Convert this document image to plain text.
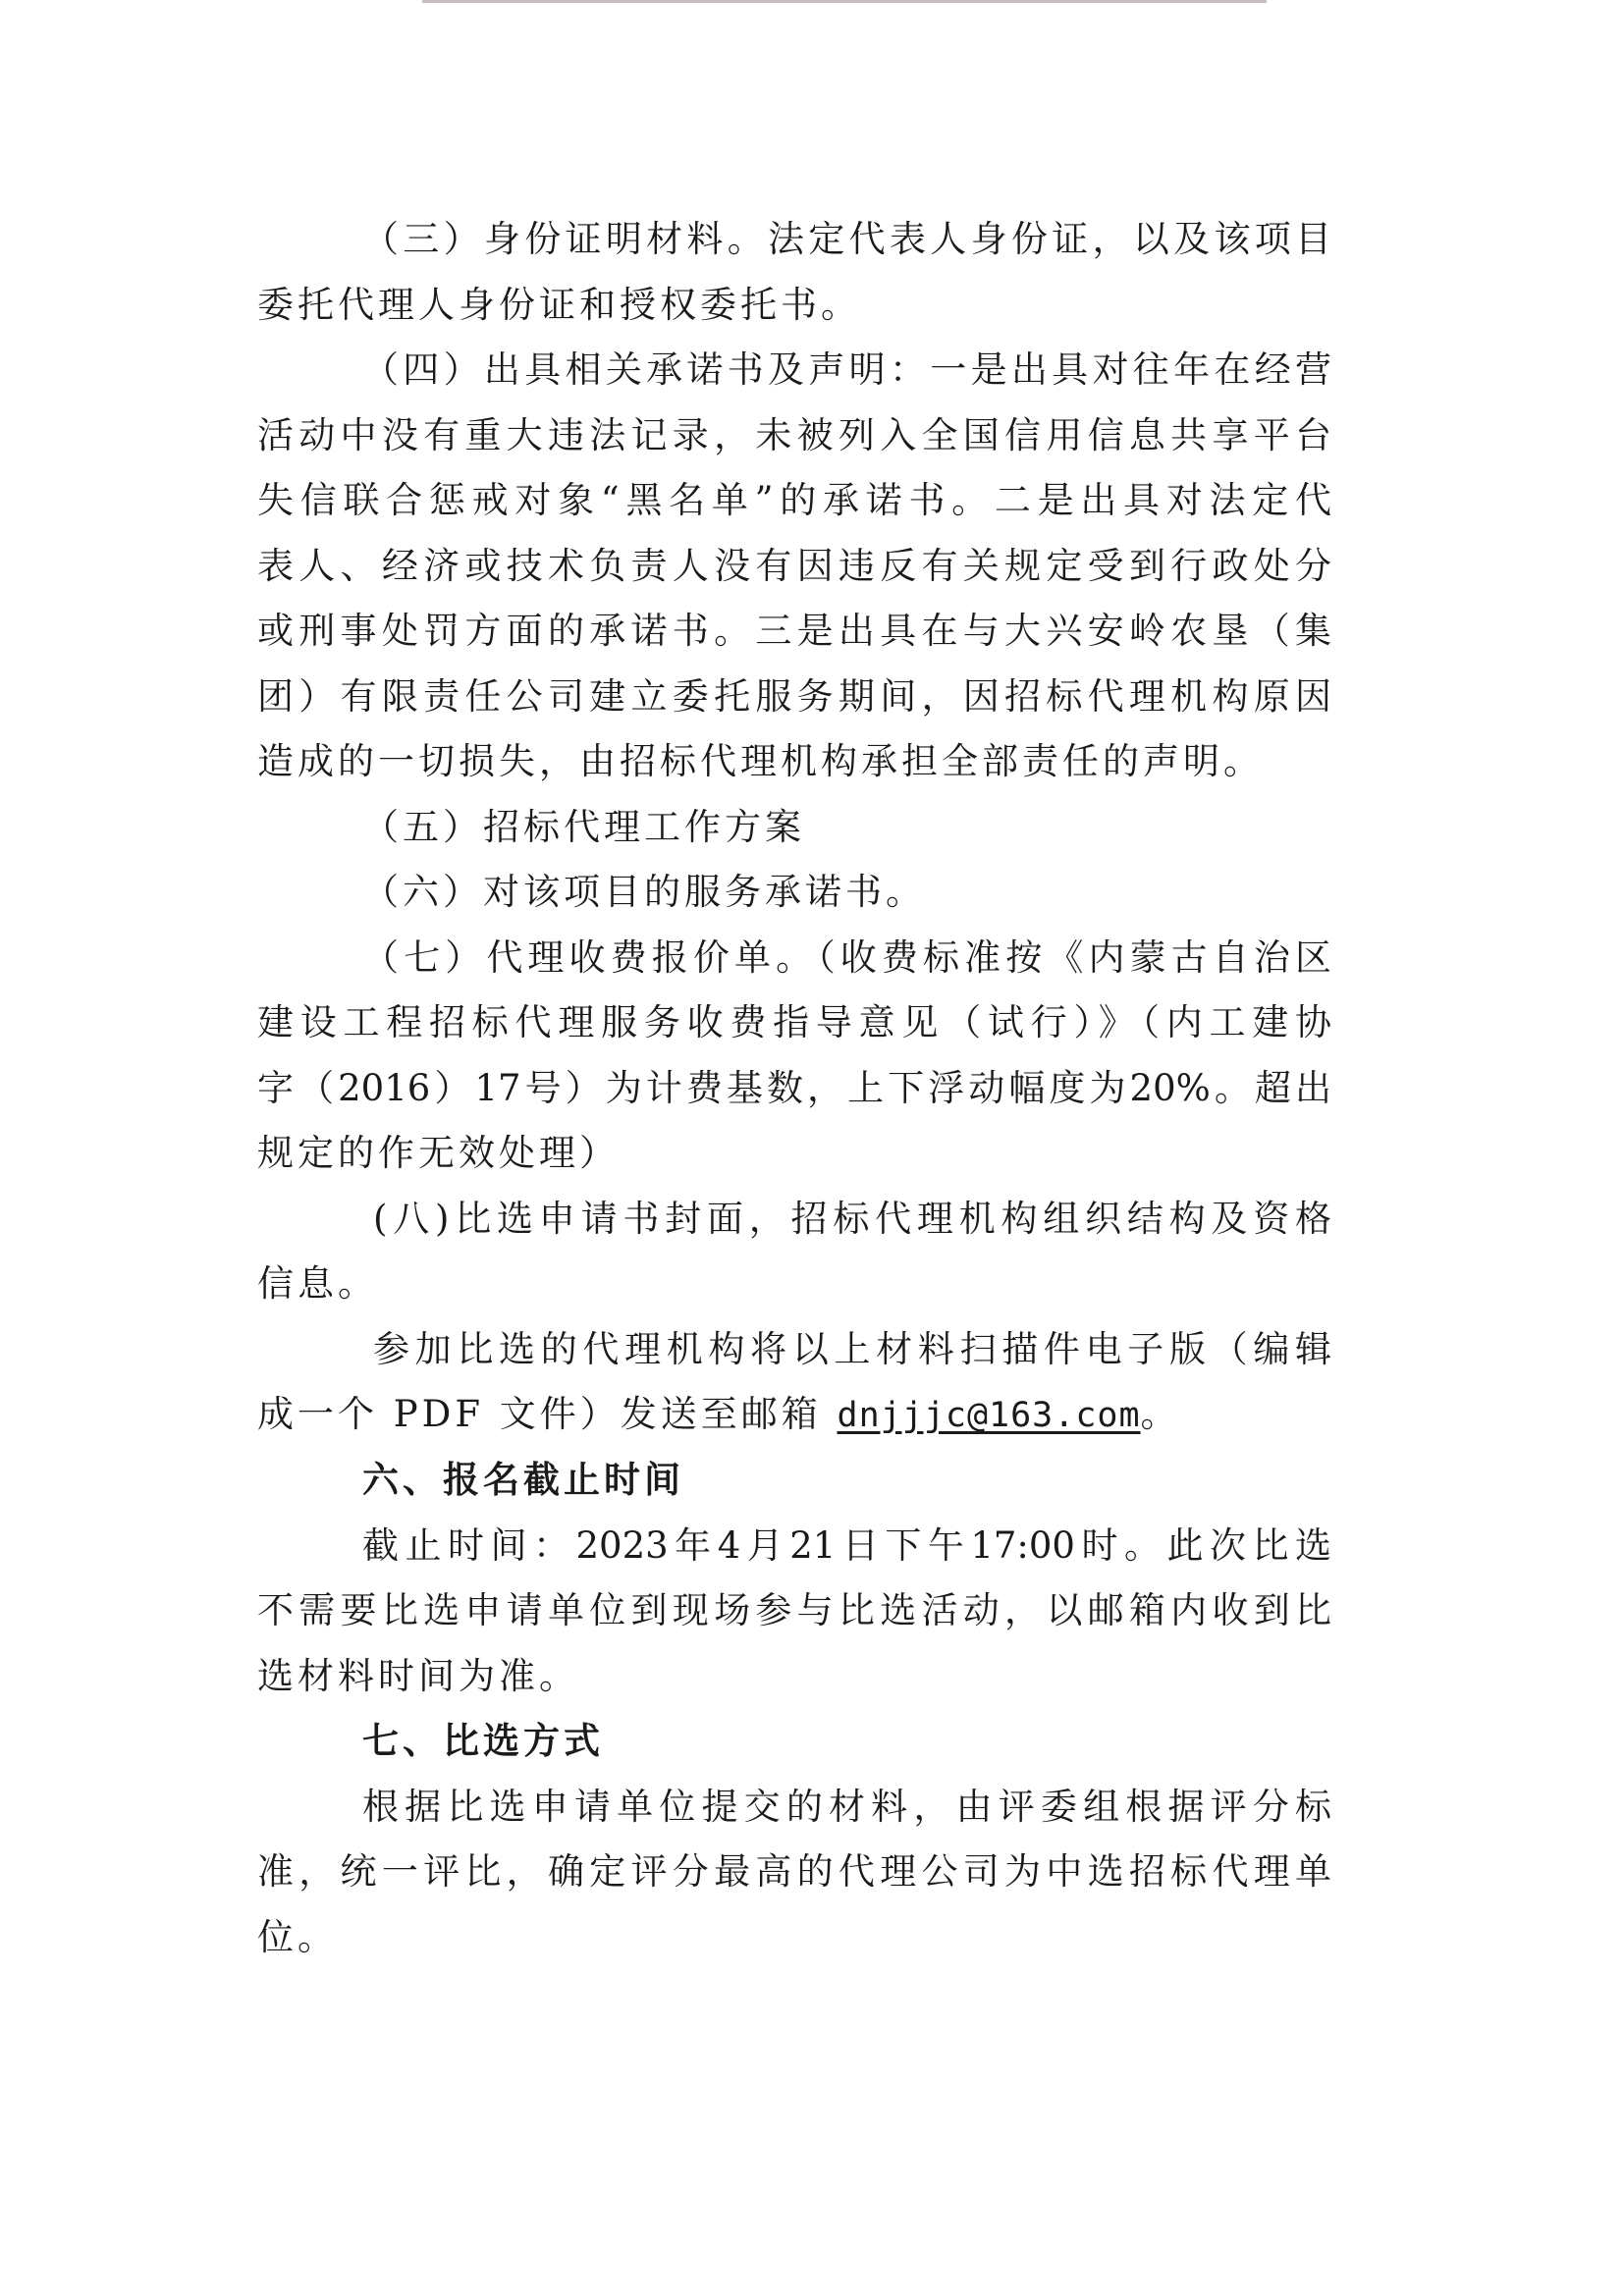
（三）身份证明材料。法定代表人身份证，以及该项目
委托代理人身份证和授权委托书。
（四）出具相关承诺书及声明：一是出具对往年在经营
活动中没有重大违法记录，未被列入全国信用信息共享平台
失信联合惩戒对象“黑名单”的承诺书。二是出具对法定代
表人、经济或技术负责人没有因违反有关规定受到行政处分
或刑事处罚方面的承诺书。三是出具在与大兴安岭农垦（集
团）有限责任公司建立委托服务期间，因招标代理机构原因
造成的一切损失，由招标代理机构承担全部责任的声明。
（五）招标代理工作方案
（六）对该项目的服务承诺书。
（七）代理收费报价单。（收费标准按《内蒙古自治区
建设工程招标代理服务收费指导意见（试行）》（内工建协
字（2016）17号）为计费基数，上下浮动幅度为20%。超出
规定的作无效处理）
(八)比选申请书封面，招标代理机构组织结构及资格
信息。
参加比选的代理机构将以上材料扫描件电子版（编辑
成一个 PDF 文件）发送至邮箱 dnjjjc@163.com。
六、报名截止时间
截止时间：2023年4月21日下午17:00时。此次比选
不需要比选申请单位到现场参与比选活动，以邮箱内收到比
选材料时间为准。
七、比选方式
根据比选申请单位提交的材料，由评委组根据评分标
准，统一评比，确定评分最高的代理公司为中选招标代理单
位。
